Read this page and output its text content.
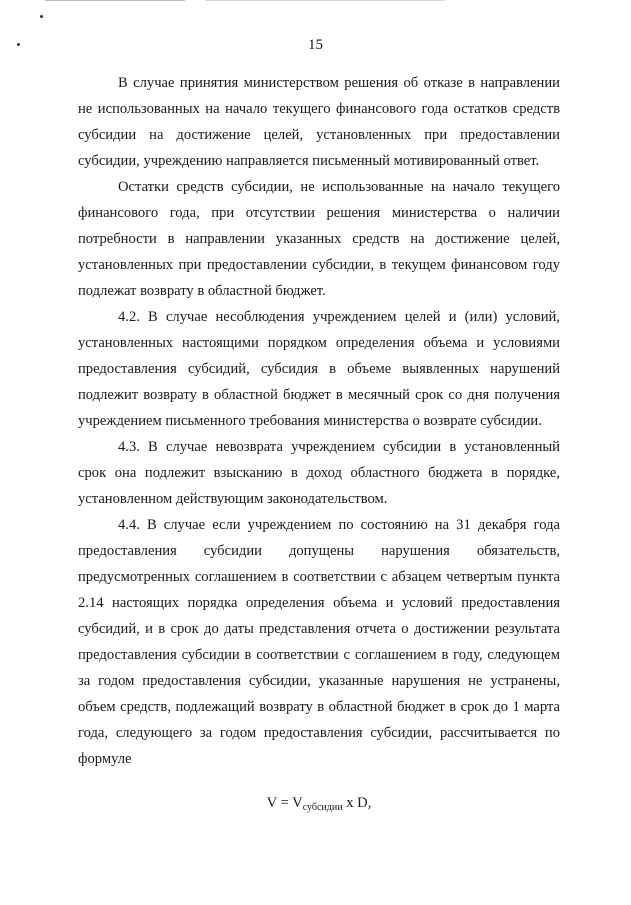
15

В случае принятия министерством решения об отказе в направлении не использованных на начало текущего финансового года остатков средств субсидии на достижение целей, установленных при предоставлении субсидии, учреждению направляется письменный мотивированный ответ.

Остатки средств субсидии, не использованные на начало текущего финансового года, при отсутствии решения министерства о наличии потребности в направлении указанных средств на достижение целей, установленных при предоставлении субсидии, в текущем финансовом году подлежат возврату в областной бюджет.

4.2. В случае несоблюдения учреждением целей и (или) условий, установленных настоящими порядком определения объема и условиями предоставления субсидий, субсидия в объеме выявленных нарушений подлежит возврату в областной бюджет в месячный срок со дня получения учреждением письменного требования министерства о возврате субсидии.

4.3. В случае невозврата учреждением субсидии в установленный срок она подлежит взысканию в доход областного бюджета в порядке, установленном действующим законодательством.

4.4. В случае если учреждением по состоянию на 31 декабря года предоставления субсидии допущены нарушения обязательств, предусмотренных соглашением в соответствии с абзацем четвертым пункта 2.14 настоящих порядка определения объема и условий предоставления субсидий, и в срок до даты представления отчета о достижении результата предоставления субсидии в соответствии с соглашением в году, следующем за годом предоставления субсидии, указанные нарушения не устранены, объем средств, подлежащий возврату в областной бюджет в срок до 1 марта года, следующего за годом предоставления субсидии, рассчитывается по формуле

$V = V_{субсидии}$ x D,
